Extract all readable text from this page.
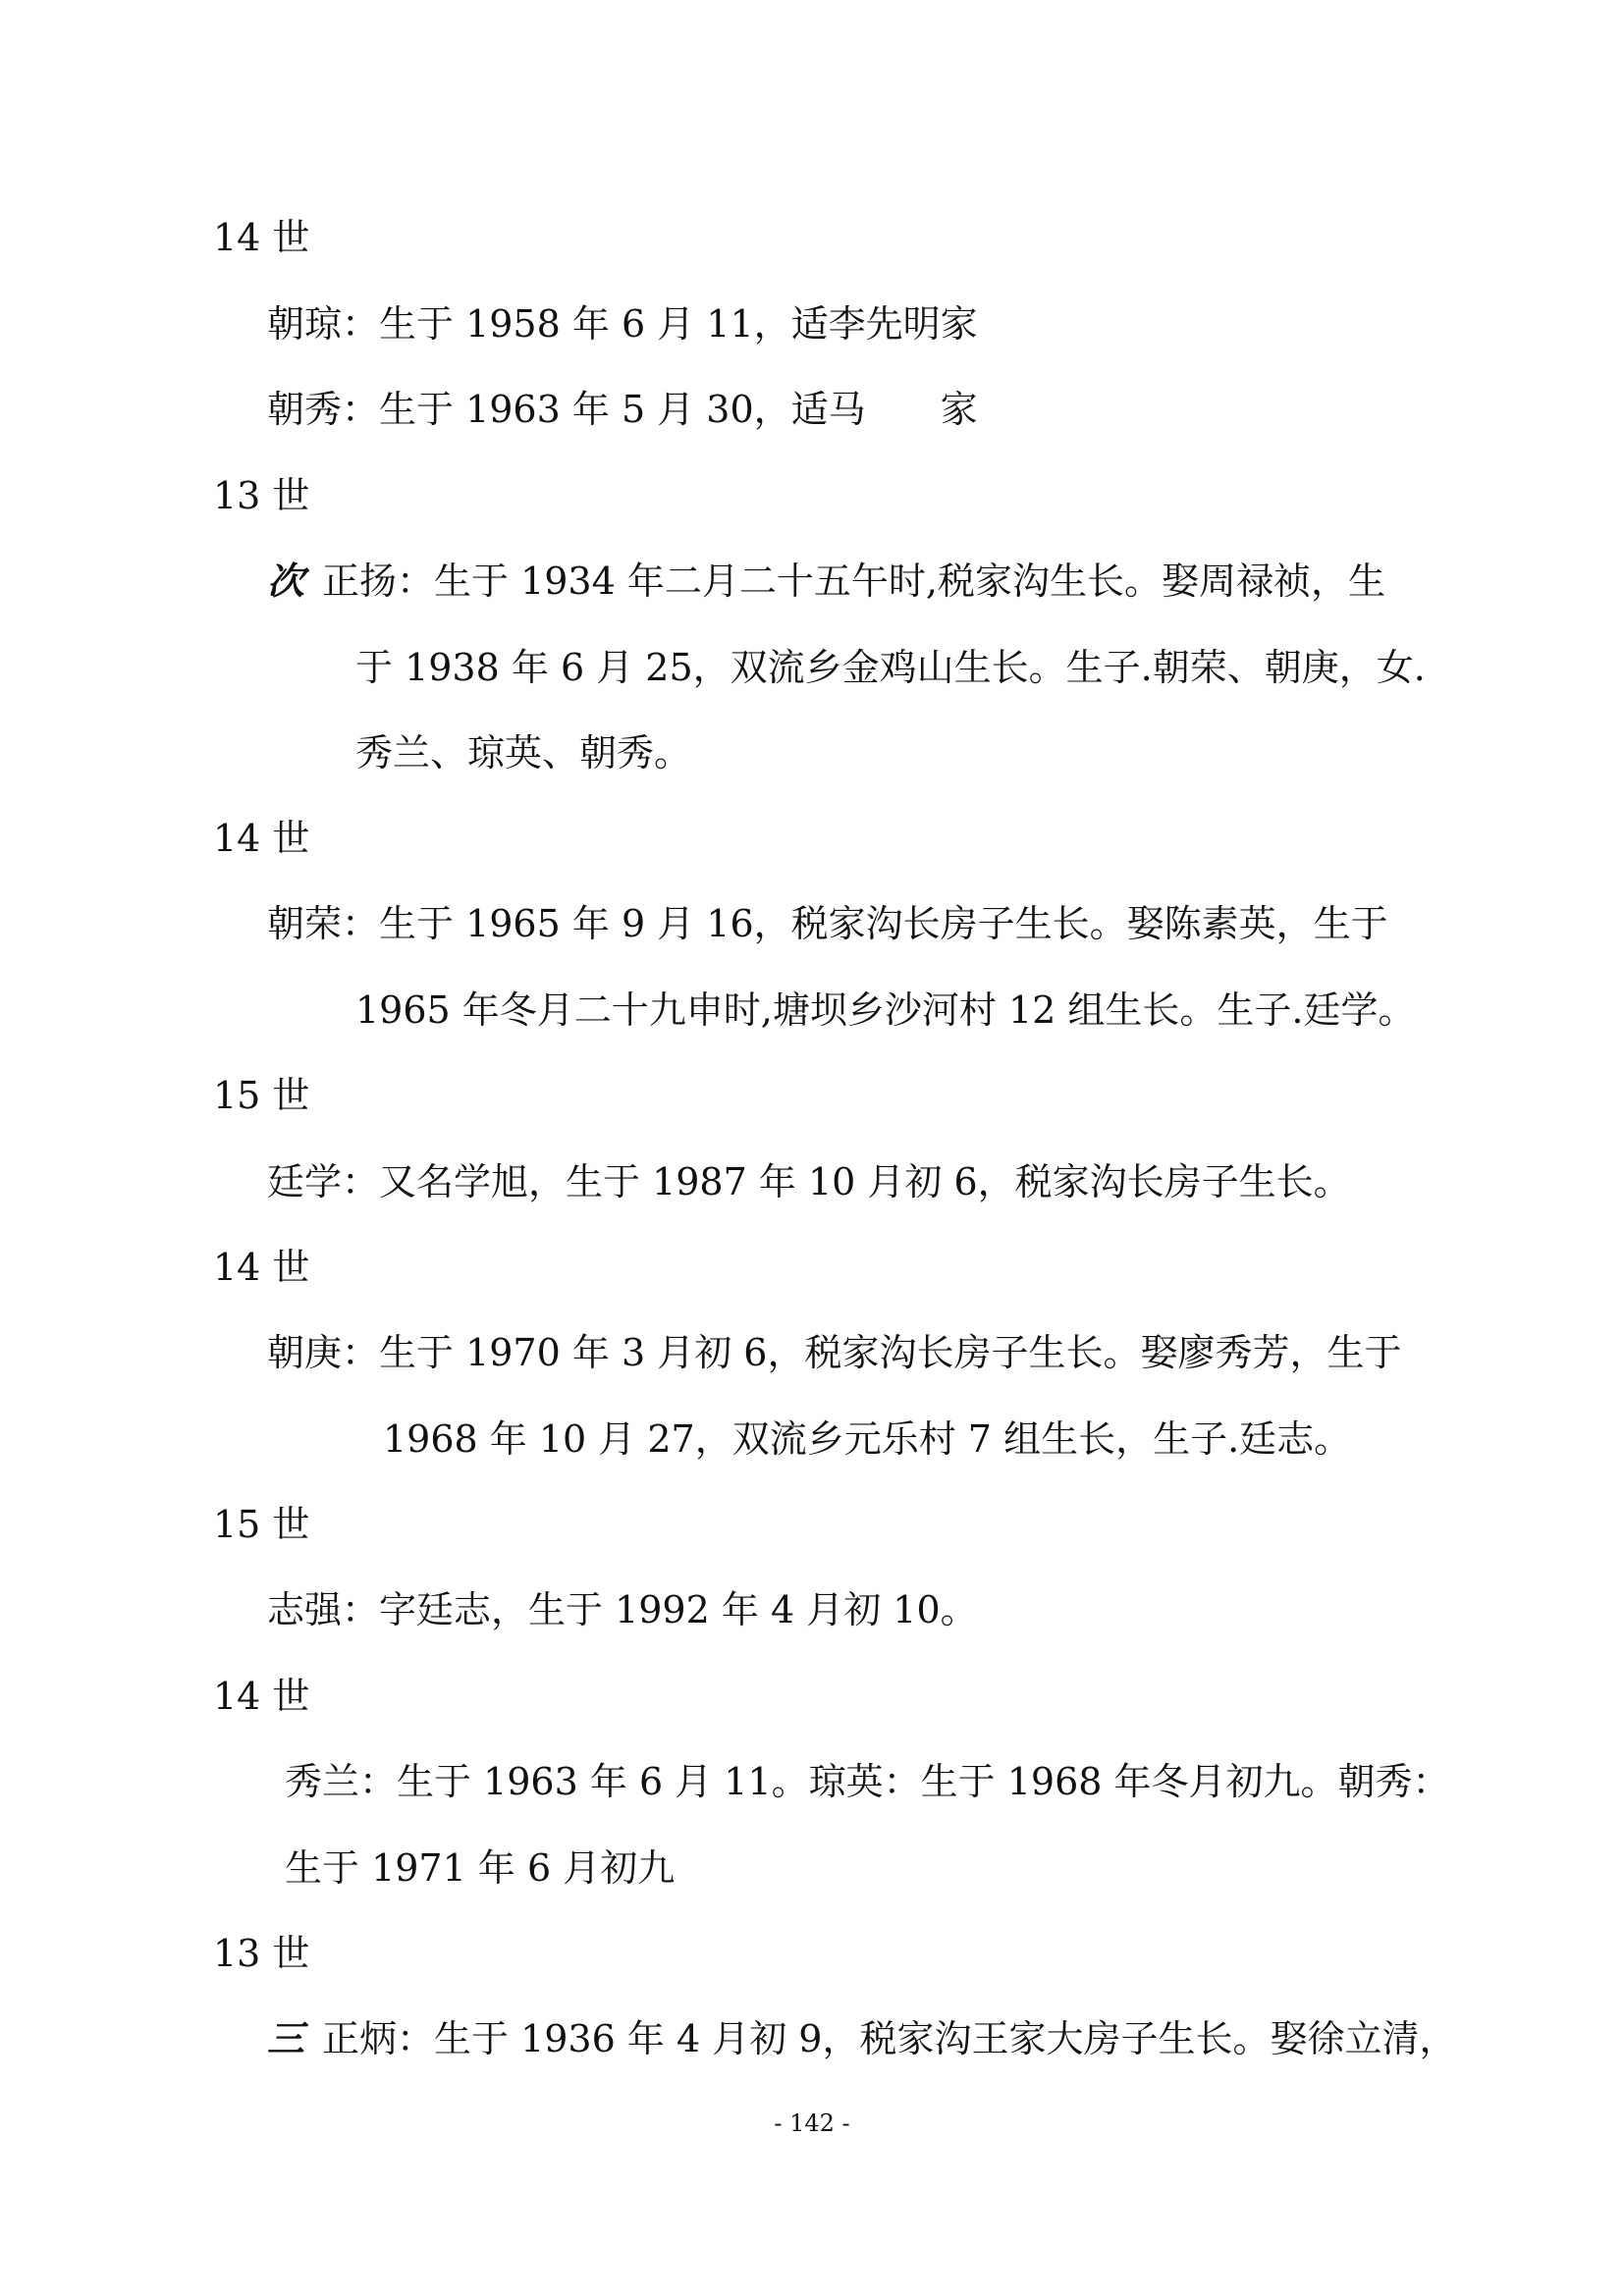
14 世
朝琼：生于 1958 年 6 月 11，适李先明家
朝秀：生于 1963 年 5 月 30，适马　　家
13 世
次 正扬：生于 1934 年二月二十五午时,税家沟生长。娶周禄祯，生
于 1938 年 6 月 25，双流乡金鸡山生长。生子.朝荣、朝庚，女.
秀兰、琼英、朝秀。
14 世
朝荣：生于 1965 年 9 月 16，税家沟长房子生长。娶陈素英，生于
1965 年冬月二十九申时,塘坝乡沙河村 12 组生长。生子.廷学。
15 世
廷学：又名学旭，生于 1987 年 10 月初 6，税家沟长房子生长。
14 世
朝庚：生于 1970 年 3 月初 6，税家沟长房子生长。娶廖秀芳，生于
1968 年 10 月 27，双流乡元乐村 7 组生长，生子.廷志。
15 世
志强：字廷志，生于 1992 年 4 月初 10。
14 世
秀兰：生于 1963 年 6 月 11。琼英：生于 1968 年冬月初九。朝秀：
生于 1971 年 6 月初九
13 世
三 正炳：生于 1936 年 4 月初 9，税家沟王家大房子生长。娶徐立清，
- 142 -
